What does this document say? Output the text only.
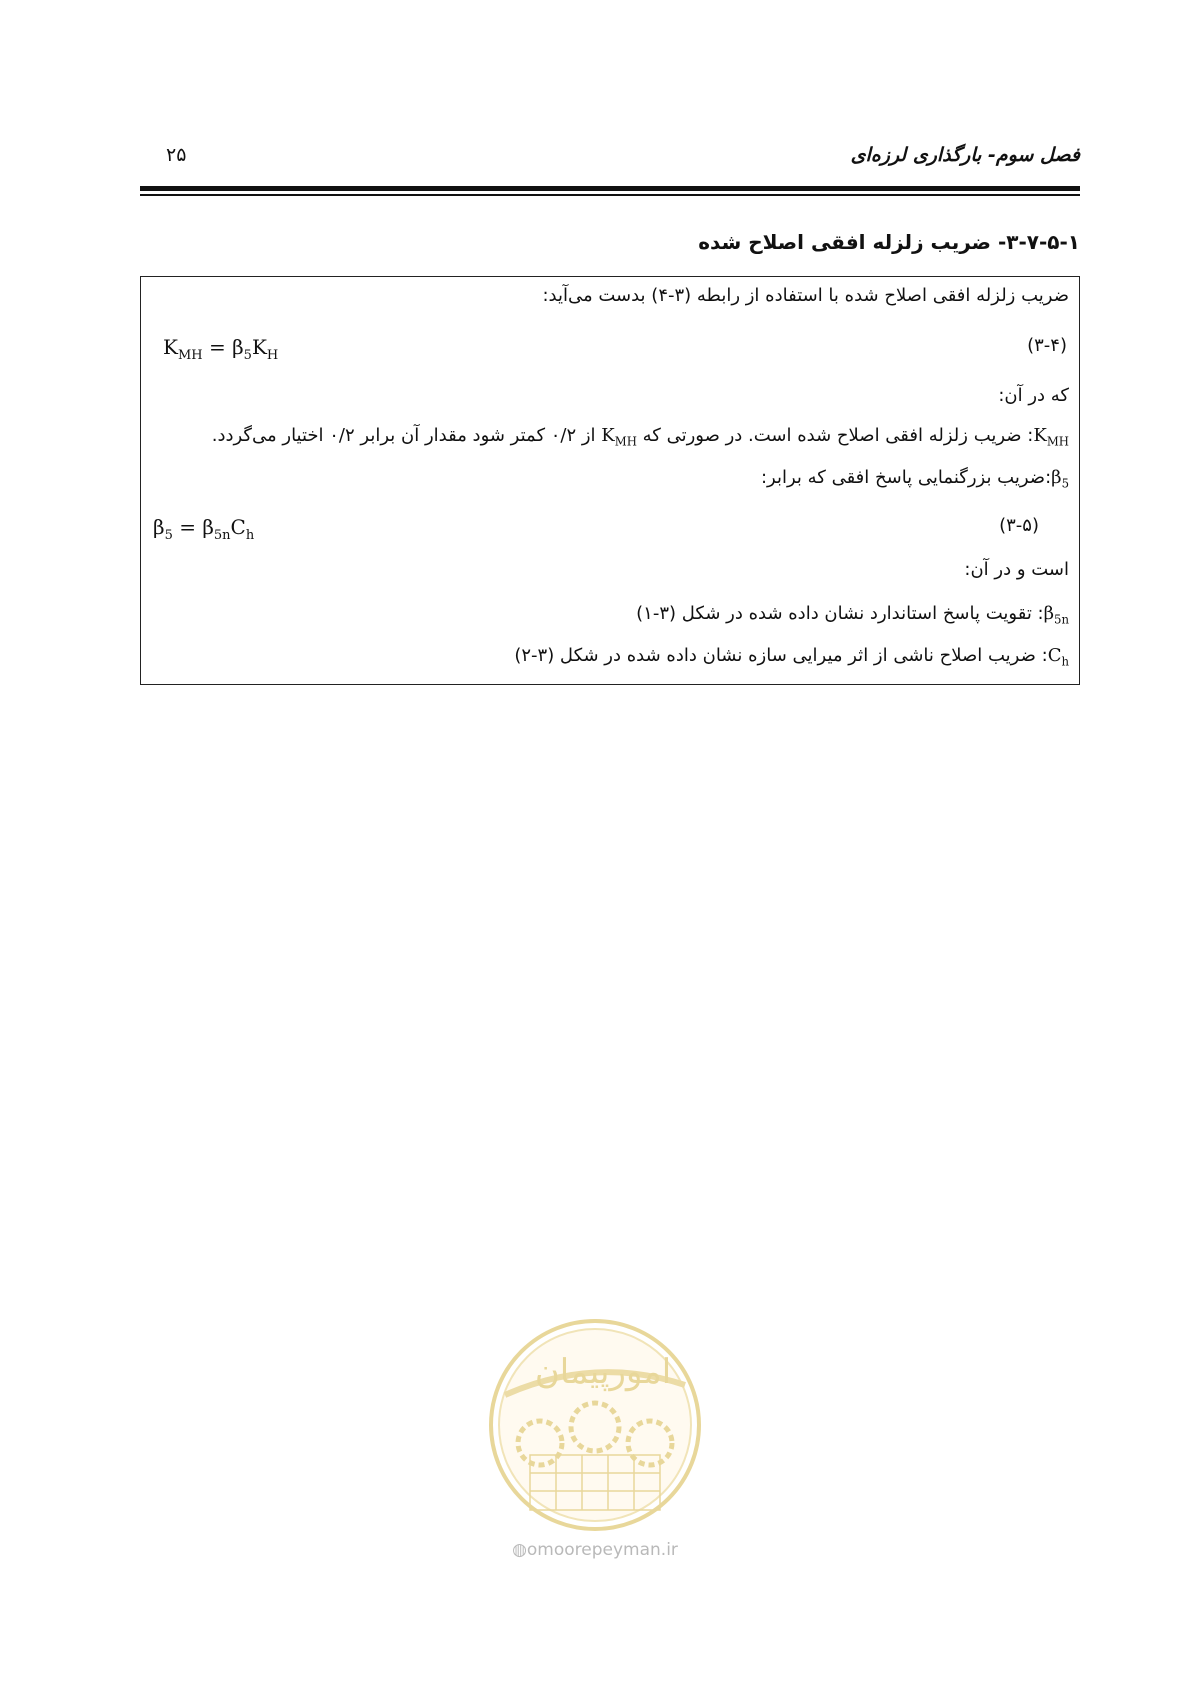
۲۵	فصل سوم- بارگذاری لرزه‌ای
۳-۷-۵-۱- ضریب زلزله افقی اصلاح شده
ضریب زلزله افقی اصلاح شده با استفاده از رابطه (۳-۴) بدست می‌آید:
$K_{MH} = \beta_5K_H$	(۳-۴)
که در آن:
$K_{MH}$: ضریب زلزله افقی اصلاح شده است. در صورتی که $K_{MH}$ از ۰/۲ کمتر شود مقدار آن برابر ۰/۲ اختیار می‌گردد.
$\beta_5:ضریب$ بزرگنمایی پاسخ افقی که برابر:
$\beta_5 = \beta_{5n}C_h$	(۳-۵)
است و در آن:
$\beta_{5n}$: تقویت پاسخ استاندارد نشان داده شده در شکل (۳-۱)
$C_h$: ضریب اصلاح ناشی از اثر میرایی سازه نشان داده شده در شکل (۳-۲)
امورپیمان
◍omoorepeyman.ir
